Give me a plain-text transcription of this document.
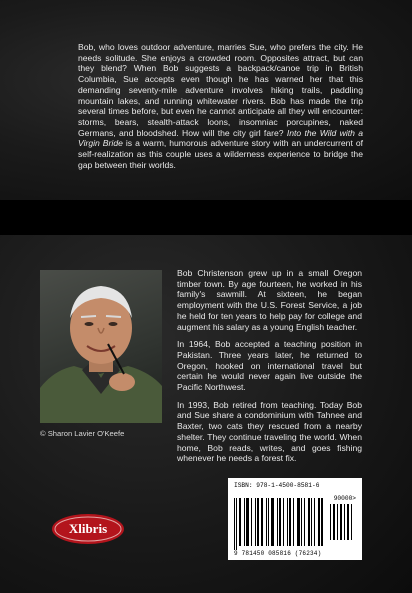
Bob, who loves outdoor adventure, marries Sue, who prefers the city. He needs solitude. She enjoys a crowded room. Opposites attract, but can they blend? When Bob suggests a backpack/canoe trip in British Columbia, Sue accepts even though he has warned her that this demanding seventy-mile adventure involves hiking trails, paddling mountain lakes, and running whitewater rivers. Bob has made the trip several times before, but even he cannot anticipate all they will encounter: storms, bears, stealth-attack loons, insomniac porcupines, naked Germans, and bloodshed. How will the city girl fare? Into the Wild with a Virgin Bride is a warm, humorous adventure story with an undercurrent of self-realization as this couple uses a wilderness experience to bridge the gap between their worlds.

© Sharon Lavier O'Keefe

Bob Christenson grew up in a small Oregon timber town. By age fourteen, he worked in his family's sawmill. At sixteen, he began employment with the U.S. Forest Service, a job he held for ten years to help pay for college and augment his salary as a young English teacher.

In 1964, Bob accepted a teaching position in Pakistan. Three years later, he returned to Oregon, hooked on international travel but certain he would never again live outside the Pacific Northwest.

In 1993, Bob retired from teaching. Today Bob and Sue share a condominium with Tahnee and Baxter, two cats they rescued from a nearby shelter. They continue traveling the world. When home, Bob reads, writes, and goes fishing whenever he needs a forest fix.

Xlibris
ISBN: 978-1-4500-8581-6
90000>
9 781450 085816 (76234)
